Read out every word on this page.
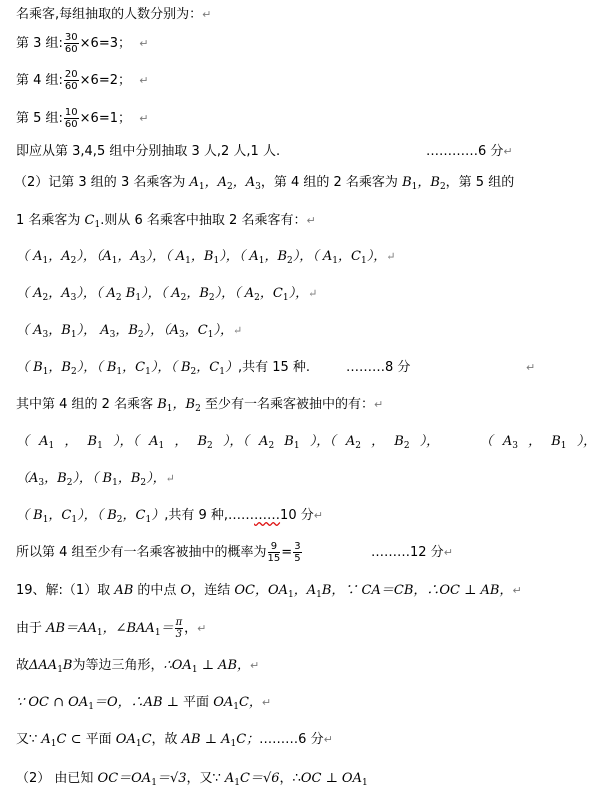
名乘客,每组抽取的人数分别为：↵
第 3 组: $\frac{30}{60} \times 6=3$； ↵
第 4 组: $\frac{20}{60} \times 6=2$； ↵
第 5 组: $\frac{10}{60} \times 6=1$； ↵
即应从第 3,4,5 组中分别抽取 3 人,2 人,1 人.	…………6 分↵
（2）记第 3 组的 3 名乘客为 $A_1$，$A_2$，$A_3$，第 4 组的 2 名乘客为 $B_1$，$B_2$，第 5 组的
1 名乘客为 $C_1$.则从 6 名乘客中抽取 2 名乘客有：↵
（ $A_1$，$A_2$），（$A_1$，$A_3$），（ $A_1$，$B_1$），（ $A_1$，$B_2$），（ $A_1$，$C_1$），↵
（ $A_2$，$A_3$），（ $A_2$ $B_1$），（ $A_2$，$B_2$），（ $A_2$，$C_1$），↵
（ $A_3$，$B_1$）， $A_3$，$B_2$），（$A_3$，$C_1$），↵
（ $B_1$，$B_2$），（ $B_1$，$C_1$），（ $B_2$，$C_1$）,共有 15 种.	………8 分	↵
其中第 4 组的 2 名乘客 $B_1$，$B_2$ 至少有一名乘客被抽中的有：↵
（ $A_1$ ， $B_1$ ），（ $A_1$ ， $B_2$ ），（ $A_2$ $B_1$ ），（ $A_2$ ， $B_2$ ），    （ $A_3$ ， $B_1$ ），
（$A_3$，$B_2$），（ $B_1$，$B_2$），↵
（ $B_1$，$C_1$），（ $B_2$，$C_1$）,共有 9 种,…………10 分↵
所以第 4 组至少有一名乘客被抽中的概率为 $\frac{9}{15} = \frac{3}{5}$	………12 分↵
19、解:（1）取 AB 的中点 O，连结 OC，$OA_1$，$A_1B$，∵ CA＝CB，∴OC ⊥ AB，↵
由于 $AB=AA_1$，$\angle BAA_1= \frac{\pi}{3}$ ，↵
故$\Delta AA_1B$为等边三角形，$\therefore OA_1$ ⊥ AB，↵
∵ OC ∩ $OA_1=O$，∴AB ⊥ 平面 $OA_1C$，↵
又∵ $A_1C$ ⊂ 平面 $OA_1C$，故 AB ⊥ $A_1C$；………6 分↵
（2） 由已知 $OC=OA_1=√3$，又∵ $A_1C=√6$，∴OC ⊥ $OA_1$
